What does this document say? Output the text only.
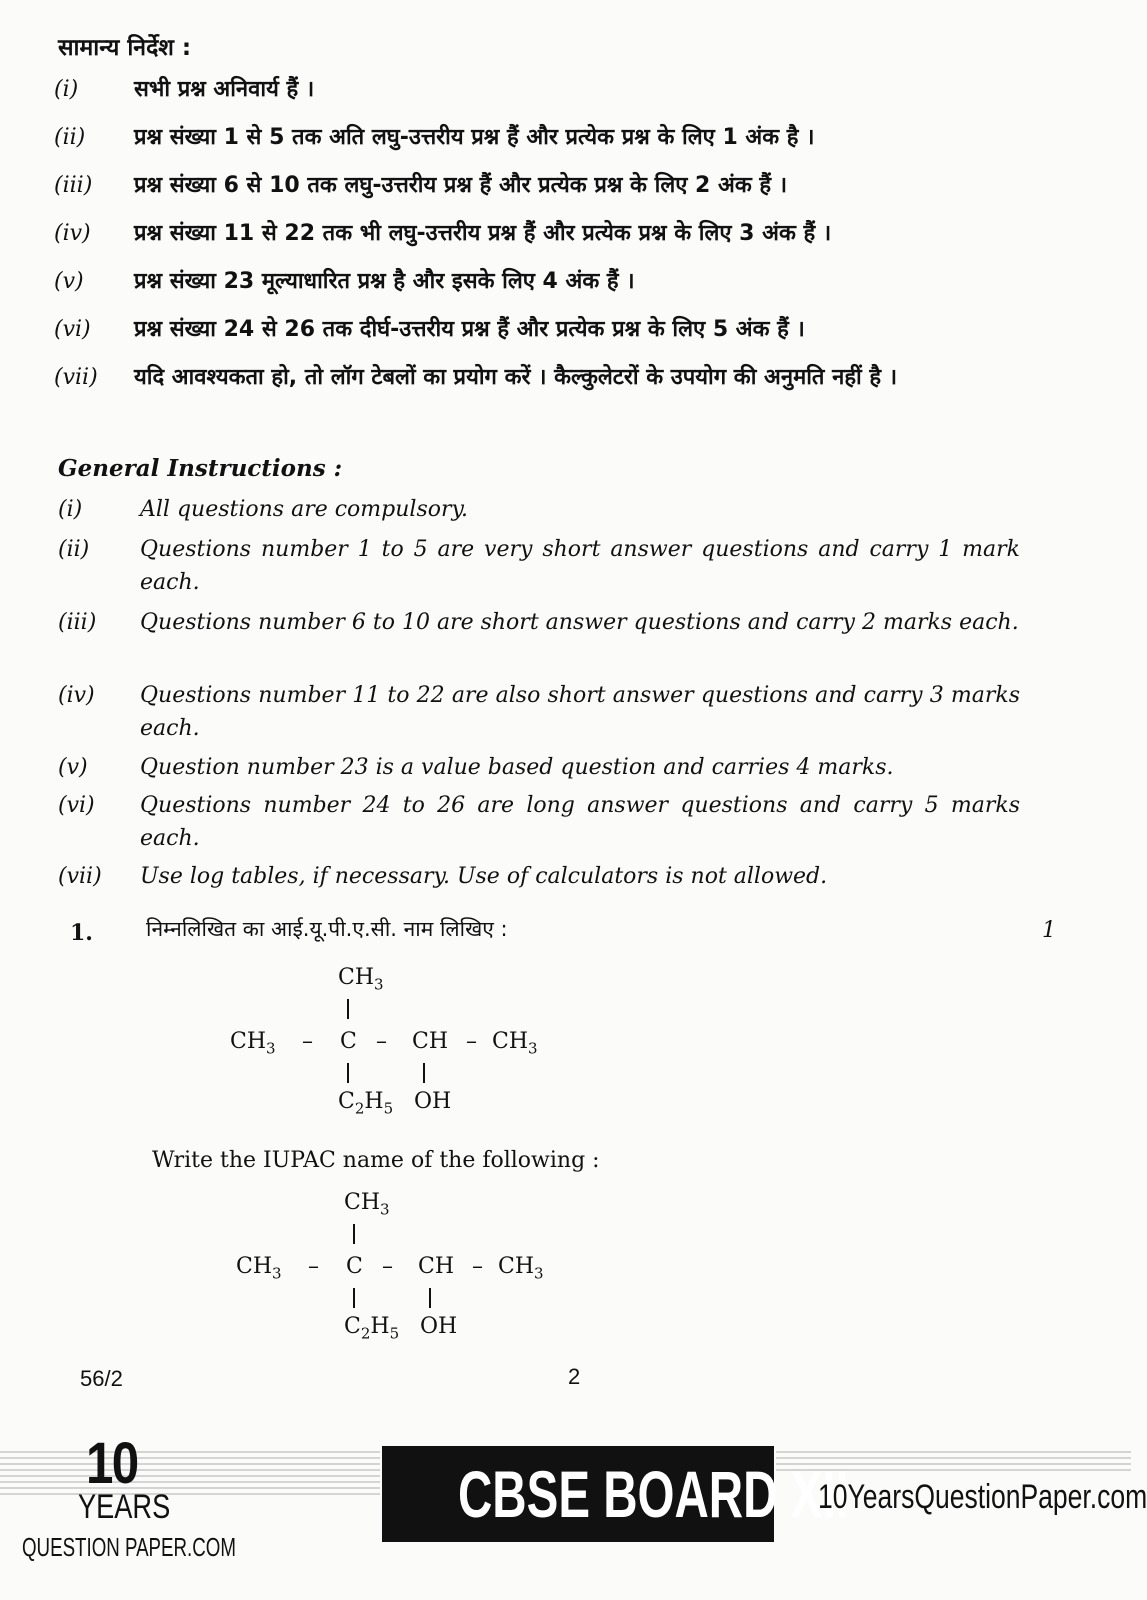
सामान्य निर्देश :
(i)	सभी प्रश्न अनिवार्य हैं ।
(ii) प्रश्न संख्या 1 से 5 तक अति लघु-उत्तरीय प्रश्न हैं और प्रत्येक प्रश्न के लिए 1 अंक है ।
(iii) प्रश्न संख्या 6 से 10 तक लघु-उत्तरीय प्रश्न हैं और प्रत्येक प्रश्न के लिए 2 अंक हैं ।
(iv) प्रश्न संख्या 11 से 22 तक भी लघु-उत्तरीय प्रश्न हैं और प्रत्येक प्रश्न के लिए 3 अंक हैं ।
(v) प्रश्न संख्या 23 मूल्याधारित प्रश्न है और इसके लिए 4 अंक हैं ।
(vi) प्रश्न संख्या 24 से 26 तक दीर्घ-उत्तरीय प्रश्न हैं और प्रत्येक प्रश्न के लिए 5 अंक हैं ।
(vii) यदि आवश्यकता हो, तो लॉग टेबलों का प्रयोग करें । कैल्कुलेटरों के उपयोग की अनुमति नहीं है ।
General Instructions :
(i)	All questions are compulsory.
(ii) Questions number 1 to 5 are very short answer questions and carry 1 mark each.
(iii) Questions number 6 to 10 are short answer questions and carry 2 marks each.
(iv) Questions number 11 to 22 are also short answer questions and carry 3 marks each.
(v) Question number 23 is a value based question and carries 4 marks.
(vi) Questions number 24 to 26 are long answer questions and carry 5 marks each.
(vii) Use log tables, if necessary. Use of calculators is not allowed.
1.	निम्नलिखित का आई.यू.पी.ए.सी. नाम लिखिए :	1
$CH_3$
$CH_3$ – C – CH – $CH_3$
$C_2H_5$ OH
Write the IUPAC name of the following :
$CH_3$
$CH_3$ – C – CH – $CH_3$
$C_2H_5$ OH
56/2	2
10
YEARS
QUESTION PAPER.COM
CBSE BOARD XII
10YearsQuestionPaper.com
